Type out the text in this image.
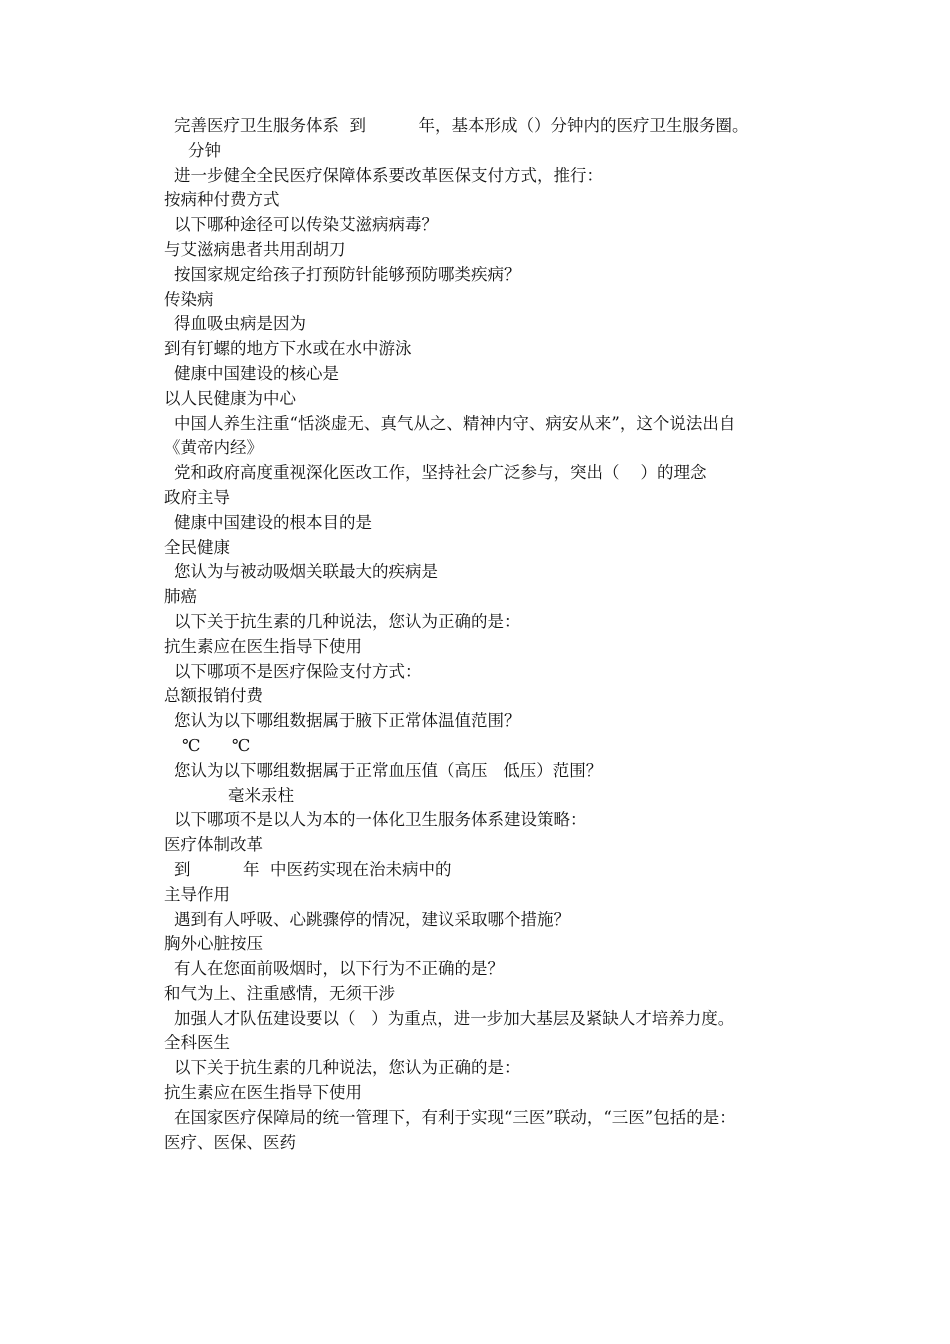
完善医疗卫生服务体系  到          年，基本形成（）分钟内的医疗卫生服务圈。
分钟
进一步健全全民医疗保障体系要改革医保支付方式，推行：
按病种付费方式
以下哪种途径可以传染艾滋病病毒？
与艾滋病患者共用刮胡刀
按国家规定给孩子打预防针能够预防哪类疾病？
传染病
得血吸虫病是因为
到有钉螺的地方下水或在水中游泳
健康中国建设的核心是
以人民健康为中心
中国人养生注重“恬淡虚无、真气从之、精神内守、病安从来”，这个说法出自
《黄帝内经》
党和政府高度重视深化医改工作，坚持社会广泛参与，突出（    ）的理念
政府主导
健康中国建设的根本目的是
全民健康
您认为与被动吸烟关联最大的疾病是
肺癌
以下关于抗生素的几种说法，您认为正确的是：
抗生素应在医生指导下使用
以下哪项不是医疗保险支付方式：
总额报销付费
您认为以下哪组数据属于腋下正常体温值范围？
℃      ℃
您认为以下哪组数据属于正常血压值（高压   低压）范围？
毫米汞柱
以下哪项不是以人为本的一体化卫生服务体系建设策略：
医疗体制改革
到          年  中医药实现在治未病中的
主导作用
遇到有人呼吸、心跳骤停的情况，建议采取哪个措施？
胸外心脏按压
有人在您面前吸烟时，以下行为不正确的是？
和气为上、注重感情，无须干涉
加强人才队伍建设要以（   ）为重点，进一步加大基层及紧缺人才培养力度。
全科医生
以下关于抗生素的几种说法，您认为正确的是：
抗生素应在医生指导下使用
在国家医疗保障局的统一管理下，有利于实现“三医”联动，“三医”包括的是：
医疗、医保、医药
